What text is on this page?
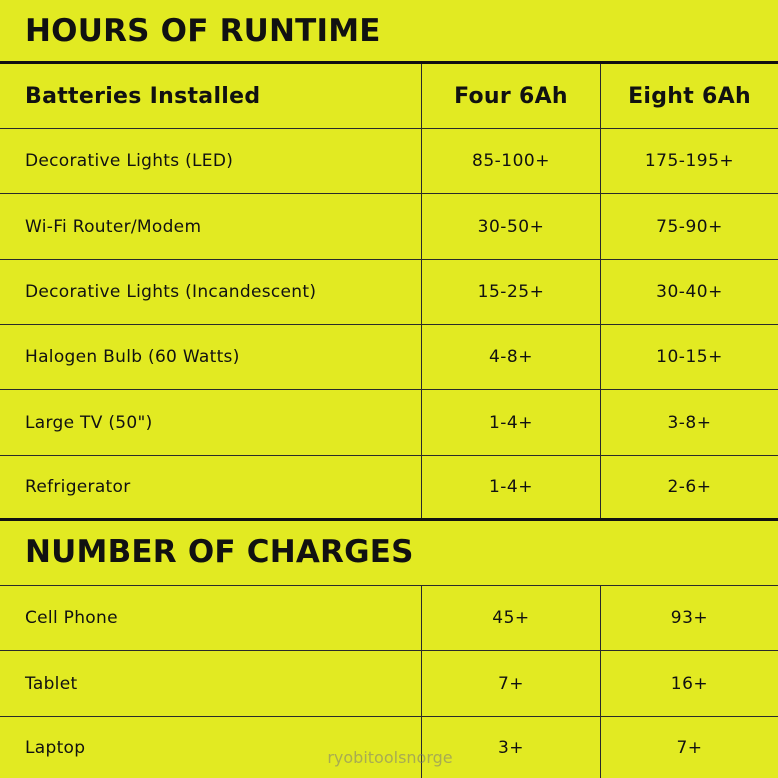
HOURS OF RUNTIME
Batteries Installed	Four 6Ah	Eight 6Ah
Decorative Lights (LED)	85-100+	175-195+
Wi-Fi Router/Modem	30-50+	75-90+
Decorative Lights (Incandescent)	15-25+	30-40+
Halogen Bulb (60 Watts)	4-8+	10-15+
Large TV (50")	1-4+	3-8+
Refrigerator	1-4+	2-6+
NUMBER OF CHARGES
Cell Phone	45+	93+
Tablet	7+	16+
Laptop	3+	7+
ryobitoolsnorge
